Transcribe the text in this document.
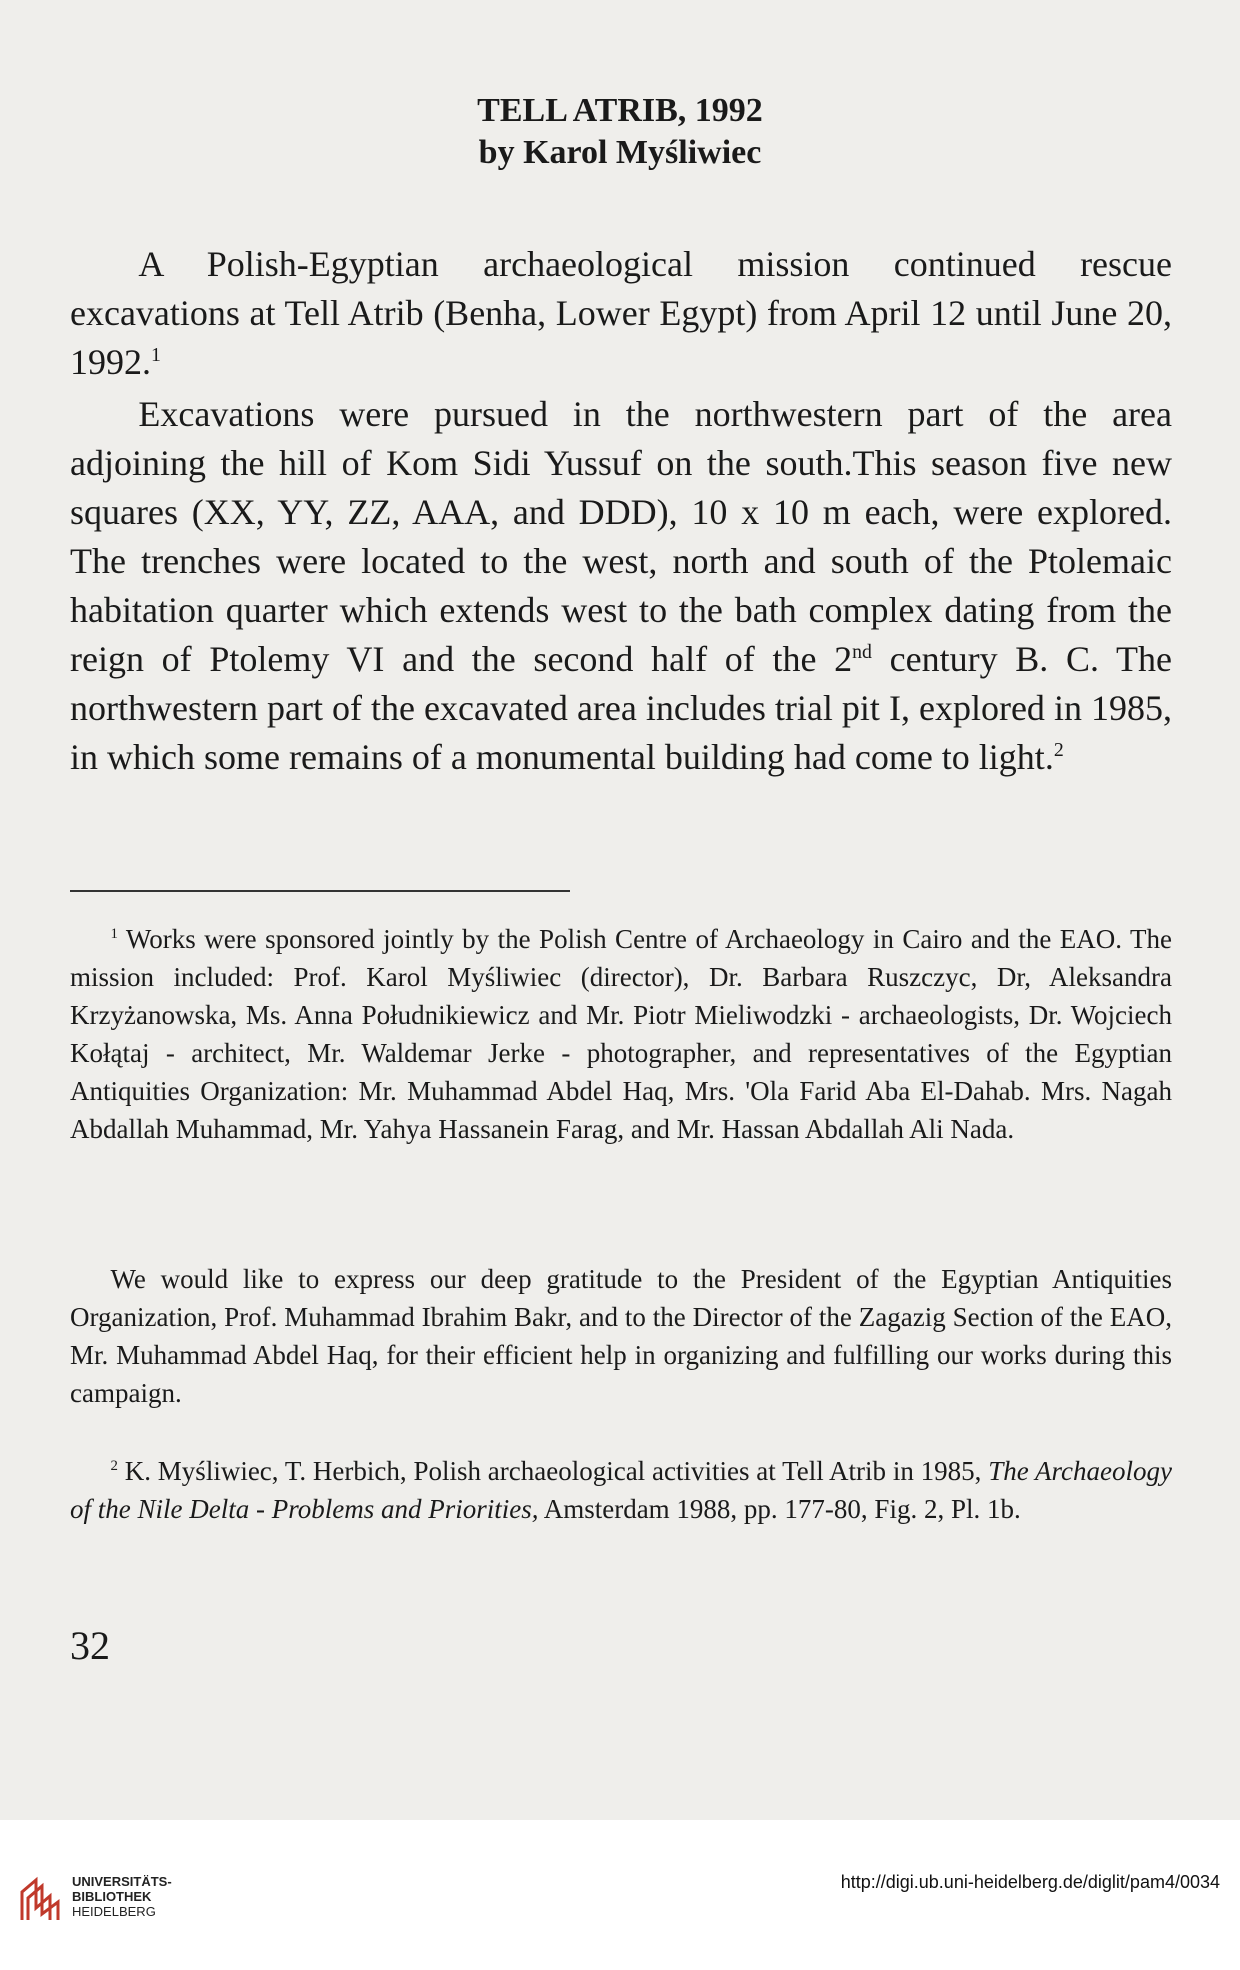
TELL ATRIB, 1992
by Karol Myśliwiec

A Polish-Egyptian archaeological mission continued rescue excavations at Tell Atrib (Benha, Lower Egypt) from April 12 until June 20, 1992.$^1$

Excavations were pursued in the northwestern part of the area adjoining the hill of Kom Sidi Yussuf on the south.This season five new squares (XX, YY, ZZ, AAA, and DDD), 10 x 10 m each, were explored. The trenches were located to the west, north and south of the Ptolemaic habitation quarter which extends west to the bath complex dating from the reign of Ptolemy VI and the second half of the 2nd century B. C. The northwestern part of the excavated area includes trial pit I, explored in 1985, in which some remains of a monumental building had come to light.$^2$

$^1$ Works were sponsored jointly by the Polish Centre of Archaeology in Cairo and the EAO. The mission included: Prof. Karol Myśliwiec (director), Dr. Barbara Ruszczyc, Dr, Aleksandra Krzyżanowska, Ms. Anna Południkiewicz and Mr. Piotr Mieliwodzki - archaeologists, Dr. Wojciech Kołątaj - architect, Mr. Waldemar Jerke - photographer, and representatives of the Egyptian Antiquities Organization: Mr. Muhammad Abdel Haq, Mrs. 'Ola Farid Aba El-Dahab. Mrs. Nagah Abdallah Muhammad, Mr. Yahya Hassanein Farag, and Mr. Hassan Abdallah Ali Nada.

We would like to express our deep gratitude to the President of the Egyptian Antiquities Organization, Prof. Muhammad Ibrahim Bakr, and to the Director of the Zagazig Section of the EAO, Mr. Muhammad Abdel Haq, for their efficient help in organizing and fulfilling our works during this campaign.

$^2$ K. Myśliwiec, T. Herbich, Polish archaeological activities at Tell Atrib in 1985, The Archaeology of the Nile Delta - Problems and Priorities, Amsterdam 1988, pp. 177-80, Fig. 2, Pl. 1b.

32
UNIVERSITÄTS-
BIBLIOTHEK
HEIDELBERG
http://digi.ub.uni-heidelberg.de/diglit/pam4/0034
